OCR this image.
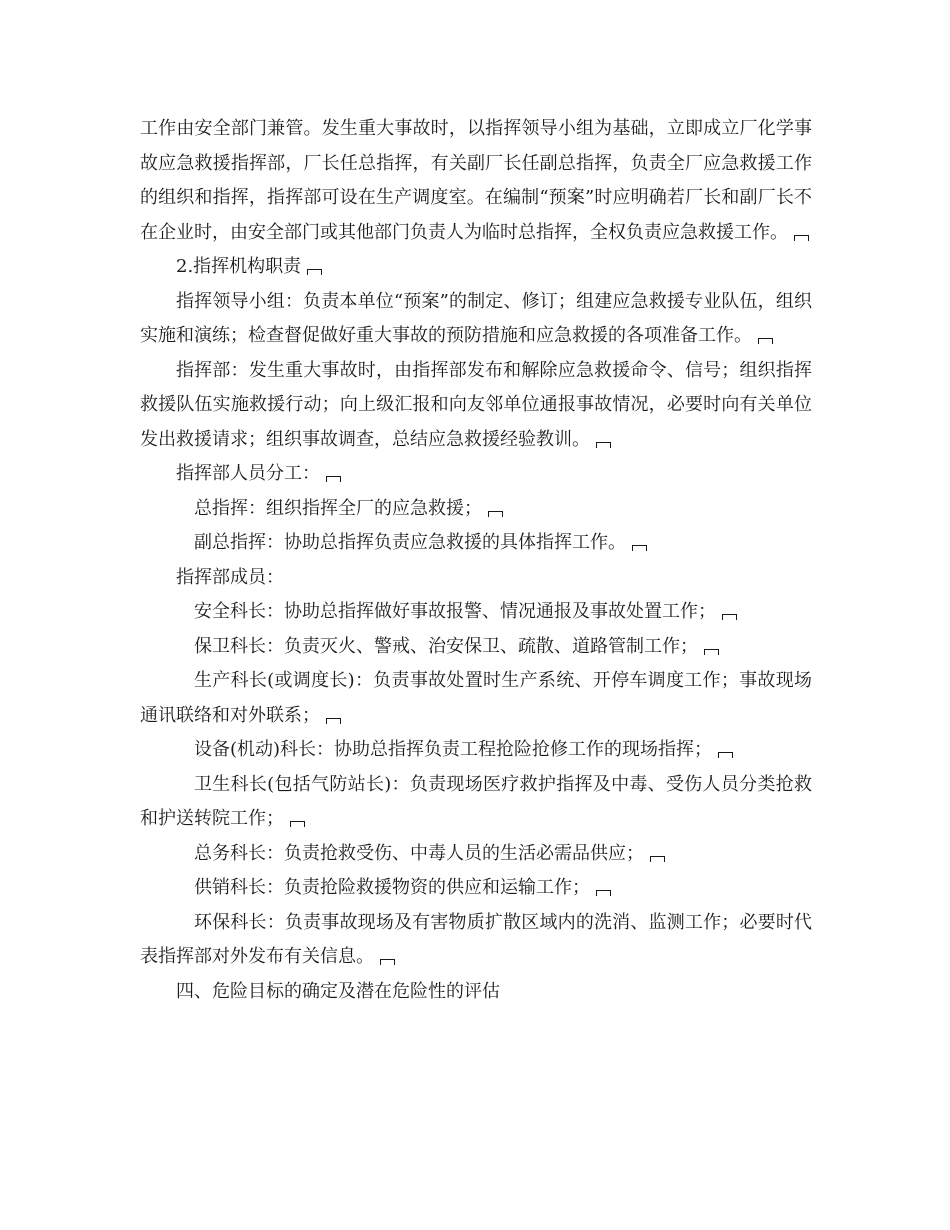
工作由安全部门兼管。发生重大事故时，以指挥领导小组为基础，立即成立厂化学事故应急救援指挥部，厂长任总指挥，有关副厂长任副总指挥，负责全厂应急救援工作的组织和指挥，指挥部可设在生产调度室。在编制“预案”时应明确若厂长和副厂长不在企业时，由安全部门或其他部门负责人为临时总指挥，全权负责应急救援工作。

2.指挥机构职责

指挥领导小组：负责本单位“预案”的制定、修订；组建应急救援专业队伍，组织实施和演练；检查督促做好重大事故的预防措施和应急救援的各项准备工作。

指挥部：发生重大事故时，由指挥部发布和解除应急救援命令、信号；组织指挥救援队伍实施救援行动；向上级汇报和向友邻单位通报事故情况，必要时向有关单位发出救援请求；组织事故调查，总结应急救援经验教训。

指挥部人员分工：

总指挥：组织指挥全厂的应急救援；

副总指挥：协助总指挥负责应急救援的具体指挥工作。

指挥部成员：

安全科长：协助总指挥做好事故报警、情况通报及事故处置工作；

保卫科长：负责灭火、警戒、治安保卫、疏散、道路管制工作；

生产科长(或调度长)：负责事故处置时生产系统、开停车调度工作；事故现场通讯联络和对外联系；

设备(机动)科长：协助总指挥负责工程抢险抢修工作的现场指挥；

卫生科长(包括气防站长)：负责现场医疗救护指挥及中毒、受伤人员分类抢救和护送转院工作；

总务科长：负责抢救受伤、中毒人员的生活必需品供应；

供销科长：负责抢险救援物资的供应和运输工作；

环保科长：负责事故现场及有害物质扩散区域内的洗消、监测工作；必要时代表指挥部对外发布有关信息。

四、危险目标的确定及潜在危险性的评估
